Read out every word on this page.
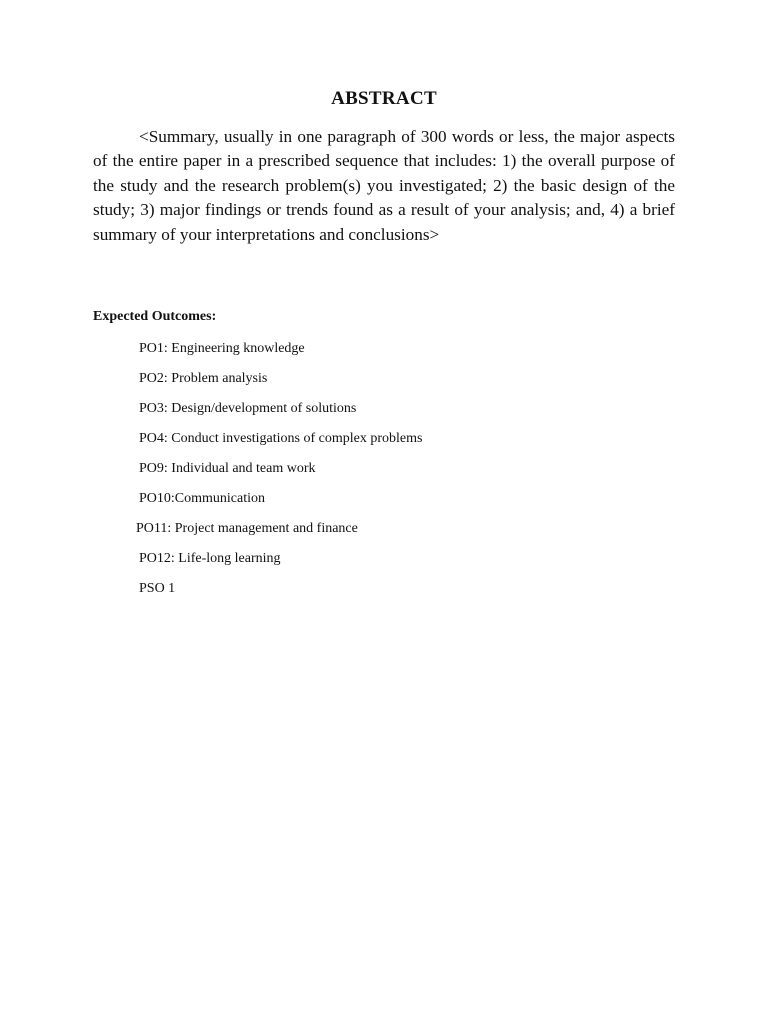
ABSTRACT

<Summary, usually in one paragraph of 300 words or less, the major aspects of the entire paper in a prescribed sequence that includes: 1) the overall purpose of the study and the research problem(s) you investigated; 2) the basic design of the study; 3) major findings or trends found as a result of your analysis; and, 4) a brief summary of your interpretations and conclusions>

Expected Outcomes:
PO1: Engineering knowledge
PO2: Problem analysis
PO3: Design/development of solutions
PO4: Conduct investigations of complex problems
PO9: Individual and team work
PO10:Communication
PO11: Project management and finance
PO12: Life-long learning
PSO 1
